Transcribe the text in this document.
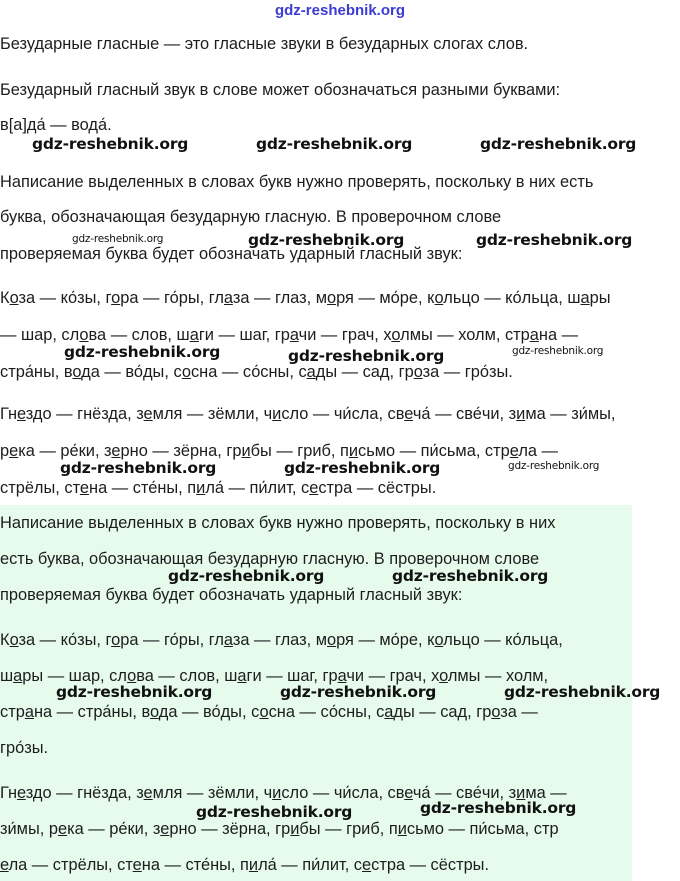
gdz-reshebnik.org
Безударные гласные — это гласные звуки в безударных слогах слов.
Безударный гласный звук в слове может обозначаться разными буквами:
в[а]да́ — вода́.
gdz-reshebnik.org	gdz-reshebnik.org	gdz-reshebnik.org
Написание выделенных в словах букв нужно проверять, поскольку в них есть
буква, обозначающая безударную гласную. В проверочном слове
проверяемая буква будет обозначать ударный гласный звук:
gdz-reshebnik.org	gdz-reshebnik.org	gdz-reshebnik.org
Коза — ко́зы, гора — го́ры, глаза — глаз, моря — мо́ре, кольцо — ко́льца, шары
— шар, слова — слов, шаги — шаг, грачи — грач, холмы — холм, страна —
стра́ны, вода — во́ды, сосна — со́сны, сады — сад, гроза — гро́зы.
gdz-reshebnik.org	gdz-reshebnik.org	gdz-reshebnik.org
Гнездо — гнёзда, земля — зёмли, число — чи́сла, свеча́ — све́чи, зима — зи́мы,
река — ре́ки, зерно — зёрна, грибы — гриб, письмо — пи́сьма, стрела —
стрёлы, стена — сте́ны, пила́ — пи́лит, сестра — сёстры.
gdz-reshebnik.org	gdz-reshebnik.org	gdz-reshebnik.org
Написание выделенных в словах букв нужно проверять, поскольку в них
есть буква, обозначающая безударную гласную. В проверочном слове
проверяемая буква будет обозначать ударный гласный звук:
gdz-reshebnik.org	gdz-reshebnik.org
Коза — ко́зы, гора — го́ры, глаза — глаз, моря — мо́ре, кольцо — ко́льца,
шары — шар, слова — слов, шаги — шаг, грачи — грач, холмы — холм,
страна — стра́ны, вода — во́ды, сосна — со́сны, сады — сад, гроза —
гро́зы.
gdz-reshebnik.org	gdz-reshebnik.org	gdz-reshebnik.org
Гнездо — гнёзда, земля — зёмли, число — чи́сла, свеча́ — све́чи, зима —
зи́мы, река — ре́ки, зерно — зёрна, грибы — гриб, письмо — пи́сьма, стр
ела — стрёлы, стена — сте́ны, пила́ — пи́лит, сестра — сёстры.
gdz-reshebnik.org	gdz-reshebnik.org
